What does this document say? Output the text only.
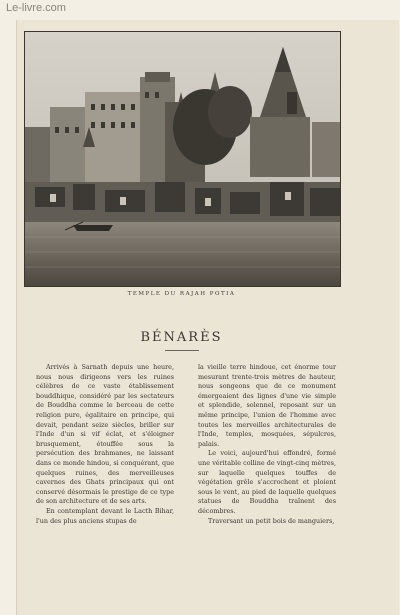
Le-livre.com
TEMPLE DU RAJAH POTIA
BÉNARÈS

Arrivés à Sarnath depuis une heure, nous nous dirigeons vers les ruines célèbres de ce vaste établissement bouddhique, considéré par les sectateurs de Bouddha comme le berceau de cette religion pure, égalitaire en principe, qui devait, pendant seize siècles, briller sur l'Inde d'un si vif éclat, et s'éloigner brusquement, étouffée sous la persécution des brahmanes, ne laissant dans ce monde hindou, si conquérant, que quelques ruines, des merveilleuses cavernes des Ghats principaux qui ont conservé désormais le prestige de ce type de son architecture et de ses arts.

En contemplant devant le Lacth Bihar, l'un des plus anciens stupas de

la vieille terre hindoue, cet énorme tour mesurant trente-trois mètres de hauteur, nous songeons que de ce monument émergeaient des lignes d'une vie simple et splendide, solennel, reposant sur un même principe, l'union de l'homme avec toutes les merveilles architecturales de l'Inde, temples, mosquées, sépulcres, palais.

Le voici, aujourd'hui effondré, formé une véritable colline de vingt-cinq mètres, sur laquelle quelques touffes de végétation grêle s'accrochent et ploient sous le vent, au pied de laquelle quelques statues de Bouddha traînent des décombres.

Traversant un petit bois de manguiers,
